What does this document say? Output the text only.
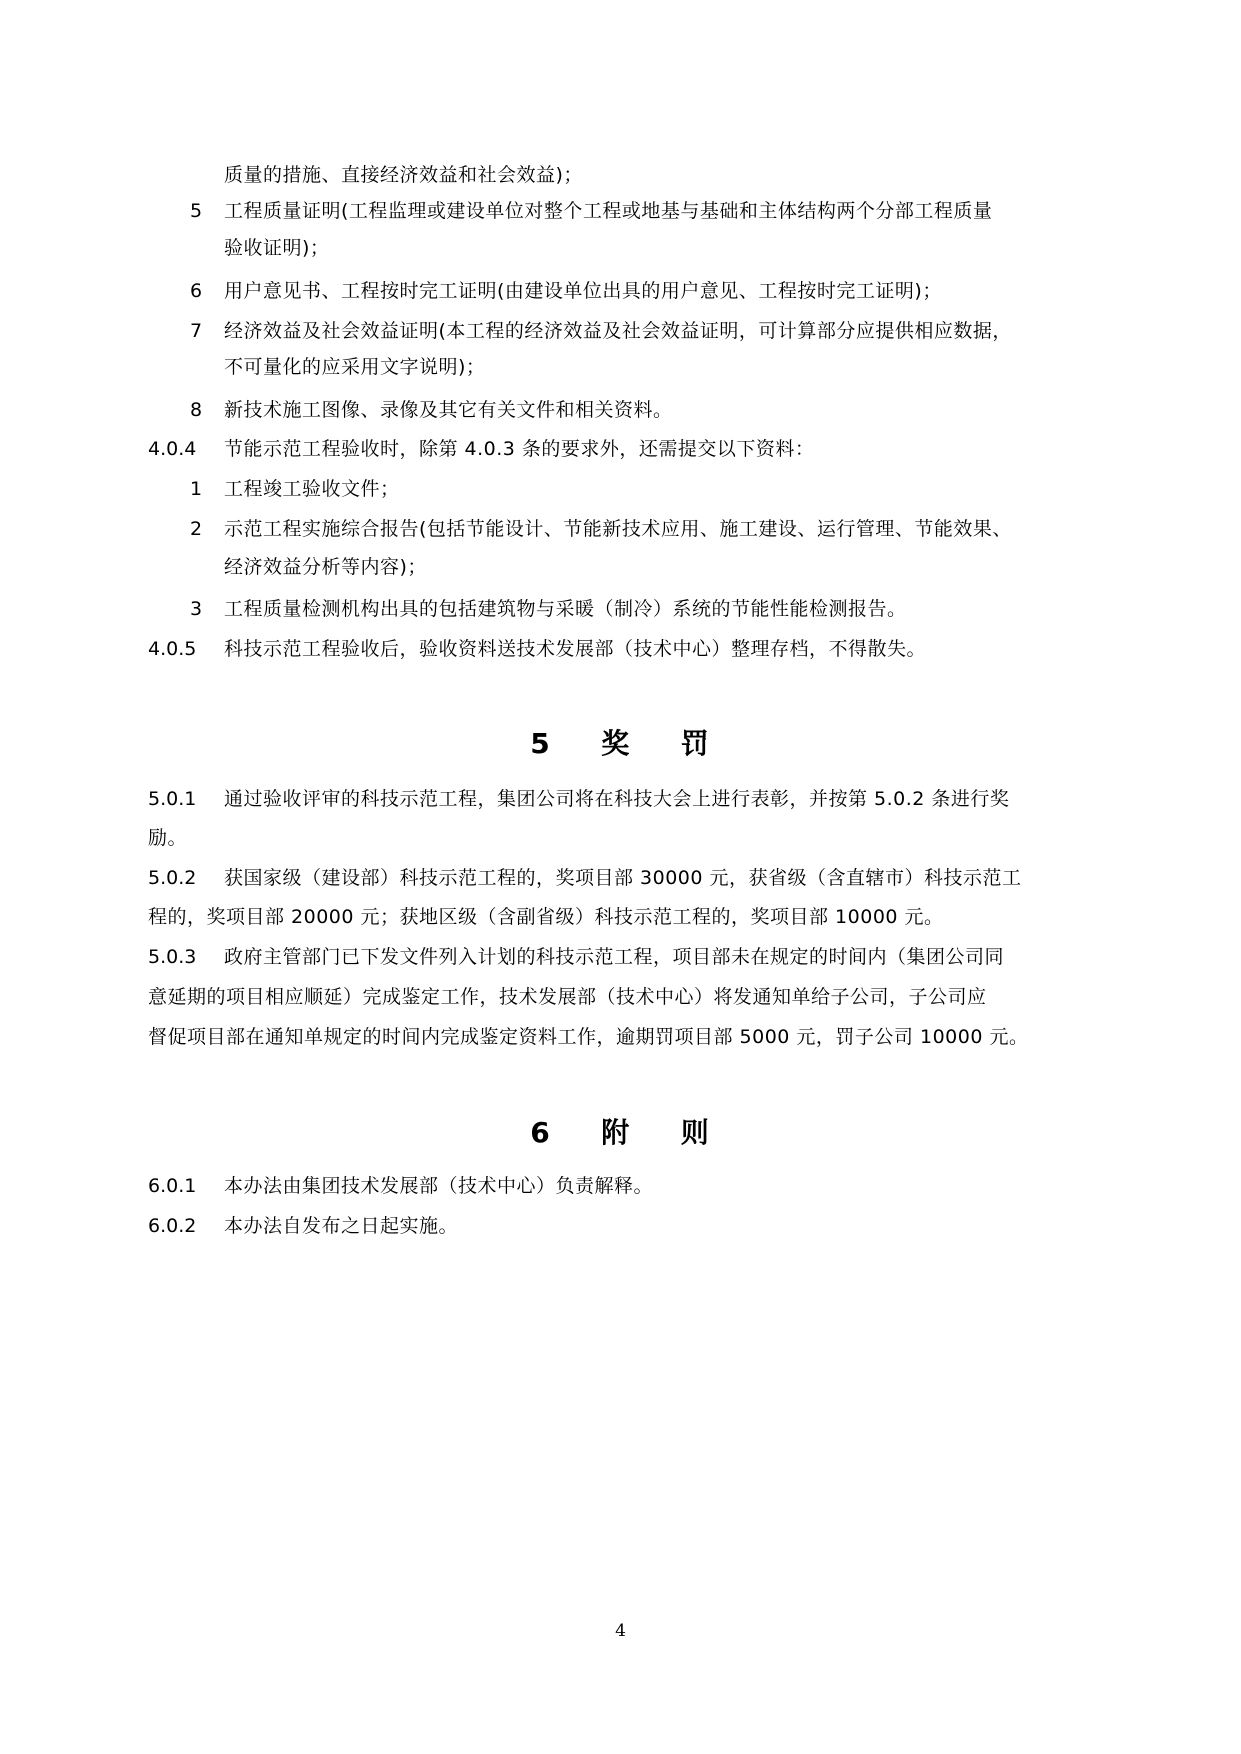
质量的措施、直接经济效益和社会效益)；
5 工程质量证明(工程监理或建设单位对整个工程或地基与基础和主体结构两个分部工程质量
验收证明)；
6 用户意见书、工程按时完工证明(由建设单位出具的用户意见、工程按时完工证明)；
7 经济效益及社会效益证明(本工程的经济效益及社会效益证明，可计算部分应提供相应数据，
不可量化的应采用文字说明)；
8 新技术施工图像、录像及其它有关文件和相关资料。
4.0.4 节能示范工程验收时，除第 4.0.3 条的要求外，还需提交以下资料：
1 工程竣工验收文件；
2 示范工程实施综合报告(包括节能设计、节能新技术应用、施工建设、运行管理、节能效果、
经济效益分析等内容)；
3 工程质量检测机构出具的包括建筑物与采暖（制冷）系统的节能性能检测报告。
4.0.5 科技示范工程验收后，验收资料送技术发展部（技术中心）整理存档，不得散失。
5 奖 罚
5.0.1 通过验收评审的科技示范工程，集团公司将在科技大会上进行表彰，并按第 5.0.2 条进行奖
励。
5.0.2 获国家级（建设部）科技示范工程的，奖项目部 30000 元，获省级（含直辖市）科技示范工
程的，奖项目部 20000 元；获地区级（含副省级）科技示范工程的，奖项目部 10000 元。
5.0.3 政府主管部门已下发文件列入计划的科技示范工程，项目部未在规定的时间内（集团公司同
意延期的项目相应顺延）完成鉴定工作，技术发展部（技术中心）将发通知单给子公司，子公司应
督促项目部在通知单规定的时间内完成鉴定资料工作，逾期罚项目部 5000 元，罚子公司 10000 元。
6 附 则
6.0.1 本办法由集团技术发展部（技术中心）负责解释。
6.0.2 本办法自发布之日起实施。
4
